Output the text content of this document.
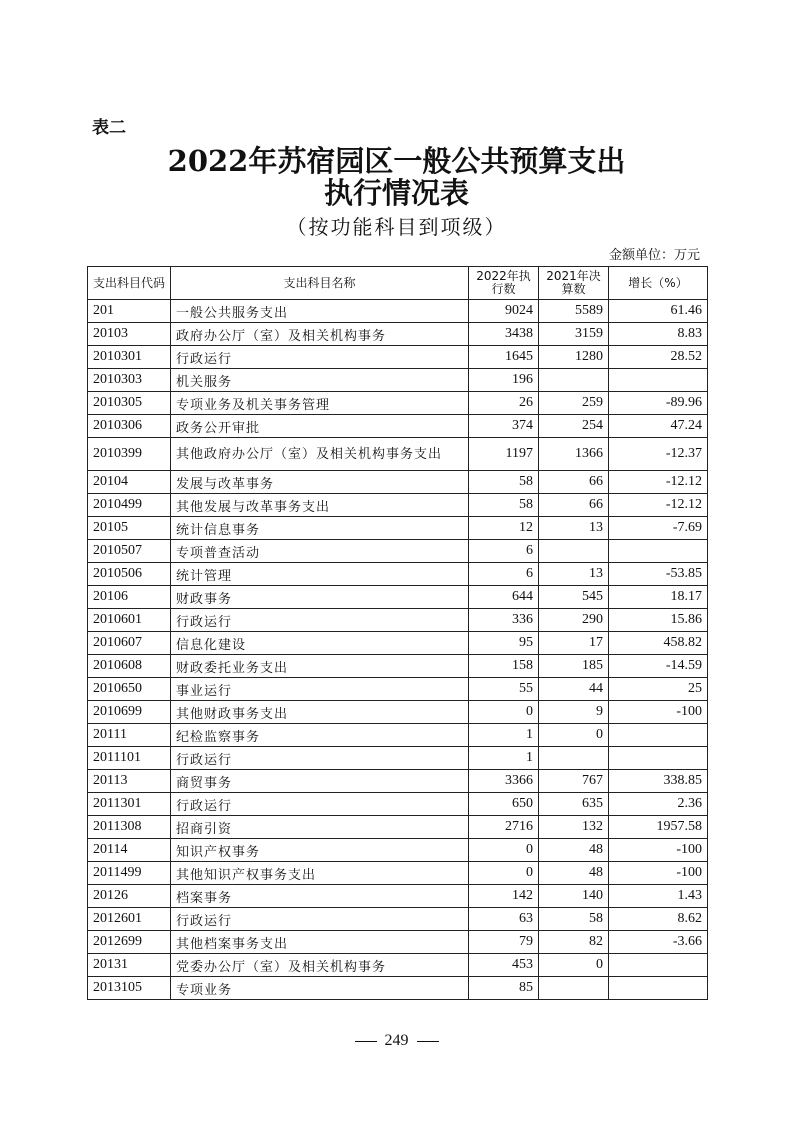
表二
2022年苏宿园区一般公共预算支出
执行情况表
（按功能科目到项级）
金额单位：万元
支出科目代码	支出科目名称	2022年执行数	2021年决算数	增长（%）
201	一般公共服务支出	9024	5589	61.46
20103	政府办公厅（室）及相关机构事务	3438	3159	8.83
2010301	行政运行	1645	1280	28.52
2010303	机关服务	196		
2010305	专项业务及机关事务管理	26	259	-89.96
2010306	政务公开审批	374	254	47.24
2010399	其他政府办公厅（室）及相关机构事务支出	1197	1366	-12.37
20104	发展与改革事务	58	66	-12.12
2010499	其他发展与改革事务支出	58	66	-12.12
20105	统计信息事务	12	13	-7.69
2010507	专项普查活动	6		
2010506	统计管理	6	13	-53.85
20106	财政事务	644	545	18.17
2010601	行政运行	336	290	15.86
2010607	信息化建设	95	17	458.82
2010608	财政委托业务支出	158	185	-14.59
2010650	事业运行	55	44	25
2010699	其他财政事务支出	0	9	-100
20111	纪检监察事务	1	0	
2011101	行政运行	1		
20113	商贸事务	3366	767	338.85
2011301	行政运行	650	635	2.36
2011308	招商引资	2716	132	1957.58
20114	知识产权事务	0	48	-100
2011499	其他知识产权事务支出	0	48	-100
20126	档案事务	142	140	1.43
2012601	行政运行	63	58	8.62
2012699	其他档案事务支出	79	82	-3.66
20131	党委办公厅（室）及相关机构事务	453	0	
2013105	专项业务	85		
249
